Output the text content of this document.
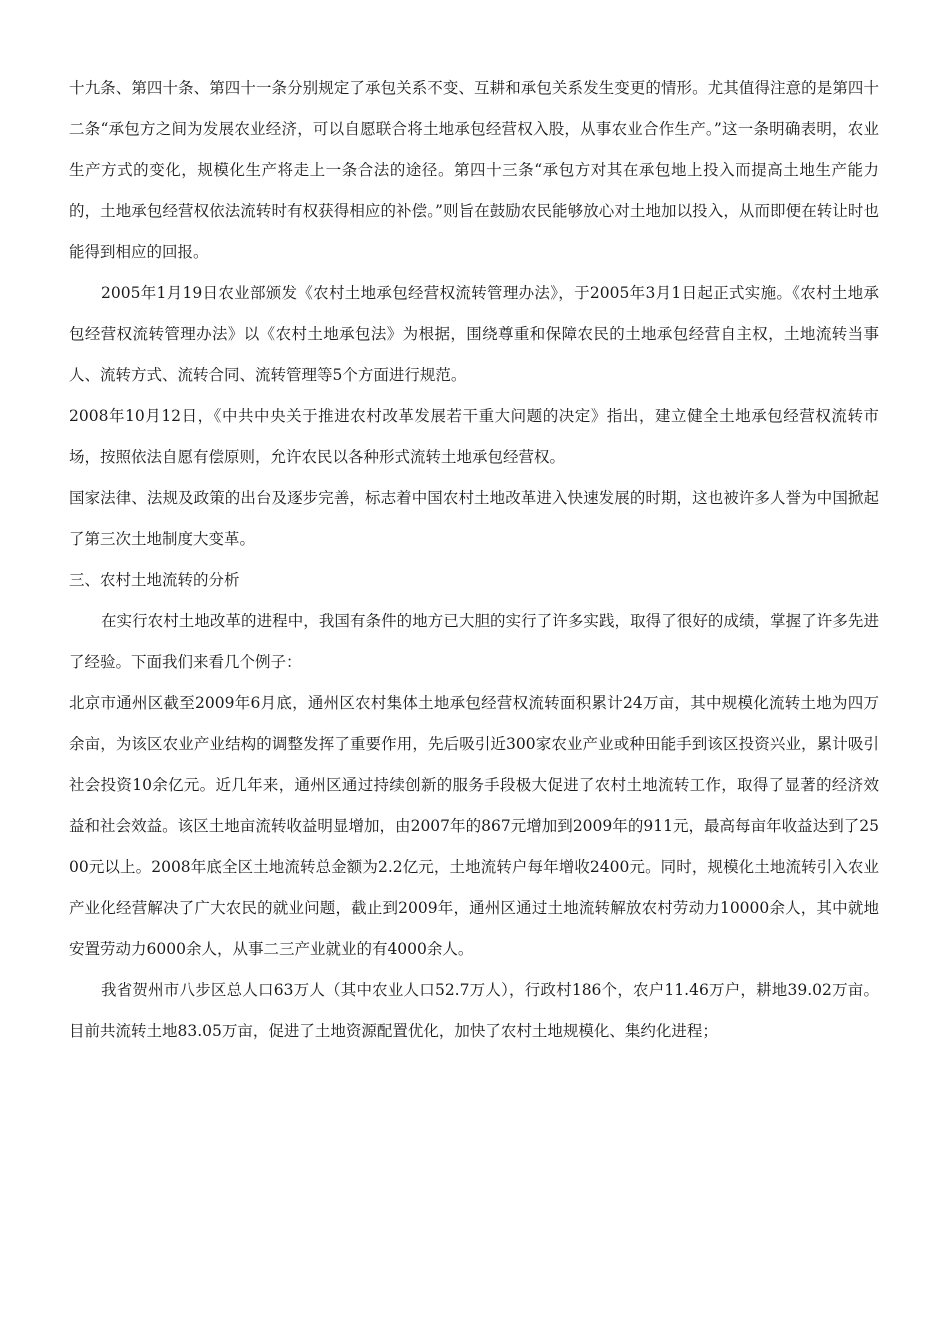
十九条、第四十条、第四十一条分别规定了承包关系不变、互耕和承包关系发生变更的情形。尤其值得注意的是第四十二条“承包方之间为发展农业经济，可以自愿联合将土地承包经营权入股，从事农业合作生产。”这一条明确表明，农业生产方式的变化，规模化生产将走上一条合法的途径。第四十三条“承包方对其在承包地上投入而提高土地生产能力的，土地承包经营权依法流转时有权获得相应的补偿。”则旨在鼓励农民能够放心对土地加以投入，从而即便在转让时也能得到相应的回报。

2005年1月19日农业部颁发《农村土地承包经营权流转管理办法》，于2005年3月1日起正式实施。《农村土地承包经营权流转管理办法》以《农村土地承包法》为根据，围绕尊重和保障农民的土地承包经营自主权，土地流转当事人、流转方式、流转合同、流转管理等5个方面进行规范。

2008年10月12日，《中共中央关于推进农村改革发展若干重大问题的决定》指出，建立健全土地承包经营权流转市场，按照依法自愿有偿原则，允许农民以各种形式流转土地承包经营权。

国家法律、法规及政策的出台及逐步完善，标志着中国农村土地改革进入快速发展的时期，这也被许多人誉为中国掀起了第三次土地制度大变革。

三、农村土地流转的分析

在实行农村土地改革的进程中，我国有条件的地方已大胆的实行了许多实践，取得了很好的成绩，掌握了许多先进了经验。下面我们来看几个例子：

北京市通州区截至2009年6月底，通州区农村集体土地承包经营权流转面积累计24万亩，其中规模化流转土地为四万余亩，为该区农业产业结构的调整发挥了重要作用，先后吸引近300家农业产业或种田能手到该区投资兴业，累计吸引社会投资10余亿元。近几年来，通州区通过持续创新的服务手段极大促进了农村土地流转工作，取得了显著的经济效益和社会效益。该区土地亩流转收益明显增加，由2007年的867元增加到2009年的911元，最高每亩年收益达到了2500元以上。2008年底全区土地流转总金额为2.2亿元，土地流转户每年增收2400元。同时，规模化土地流转引入农业产业化经营解决了广大农民的就业问题，截止到2009年，通州区通过土地流转解放农村劳动力10000余人，其中就地安置劳动力6000余人，从事二三产业就业的有4000余人。

我省贺州市八步区总人口63万人（其中农业人口52.7万人），行政村186个，农户11.46万户，耕地39.02万亩。目前共流转土地83.05万亩，促进了土地资源配置优化，加快了农村土地规模化、集约化进程；
